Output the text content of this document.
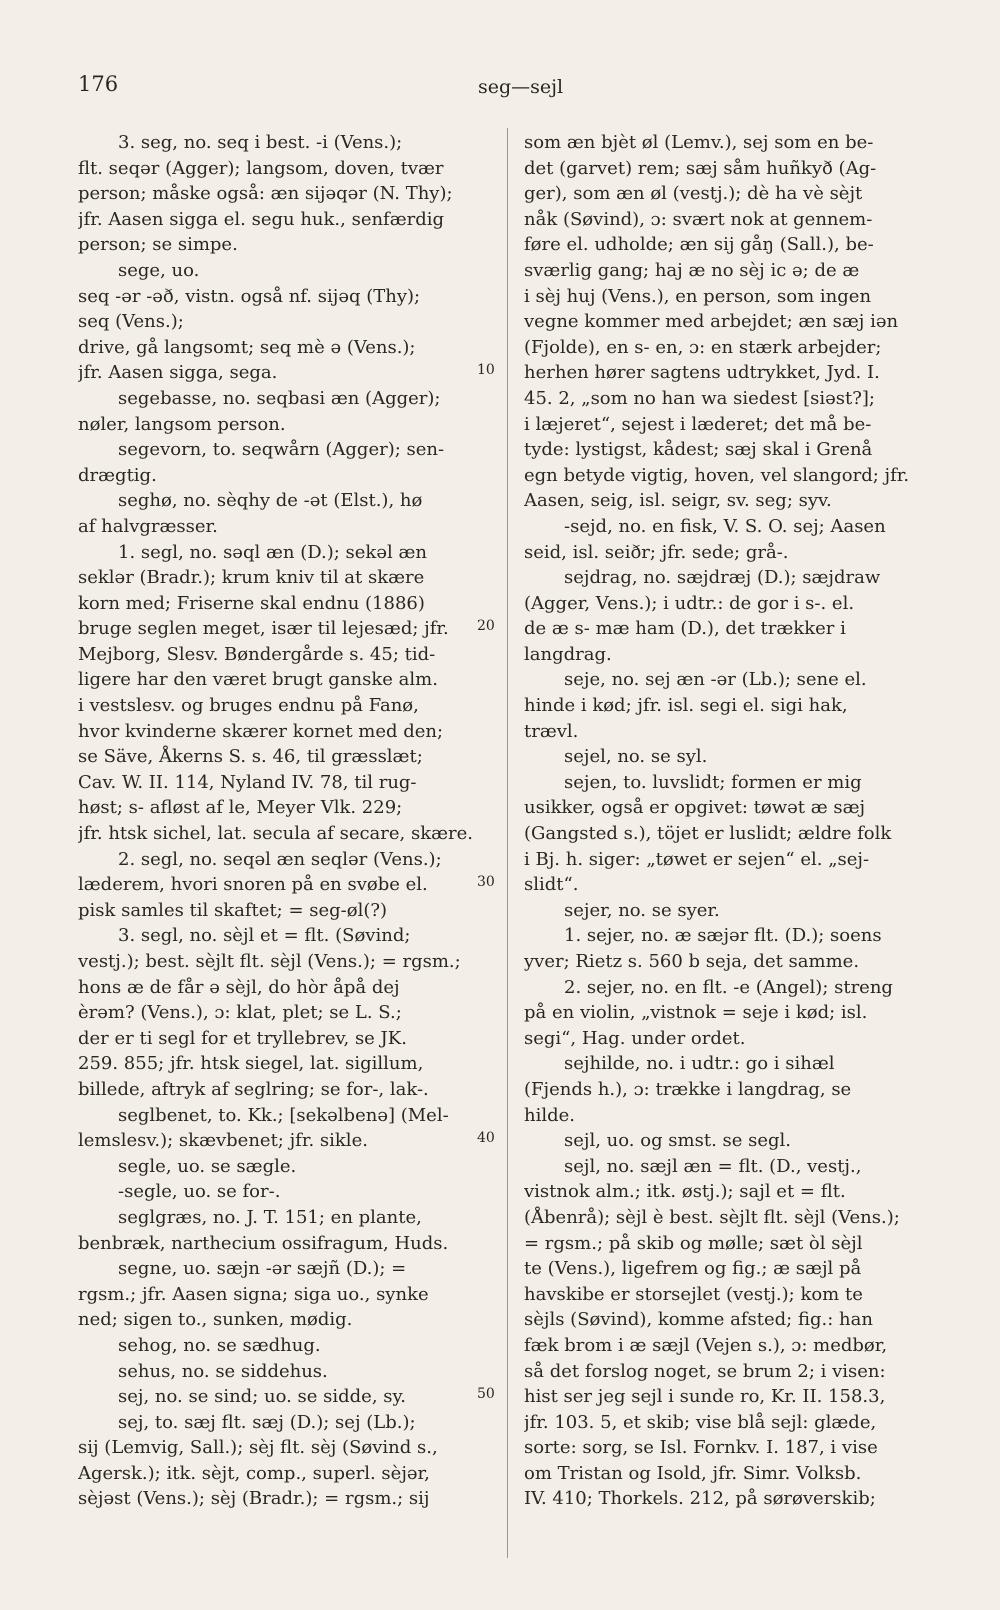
176	seg—sejl
3. seg, no. seq i best. -i (Vens.);
flt. seqər (Agger); langsom, doven, tvær
person; måske også: æn sijəqər (N. Thy);
jfr. Aasen sigga el. segu huk., senfærdig
person; se simpe.
sege, uo.
seq -ər -əð, vistn. også nf. sijəq (Thy);
seq (Vens.);
drive, gå langsomt; seq mè ə (Vens.);
jfr. Aasen sigga, sega.
segebasse, no. seqbasi æn (Agger);
nøler, langsom person.
segevorn, to. seqwårn (Agger); sen-
drægtig.
seghø, no. sèqhy de -ət (Elst.), hø
af halvgræsser.
1. segl, no. səql æn (D.); sekəl æn
seklər (Bradr.); krum kniv til at skære
korn med; Friserne skal endnu (1886)
bruge seglen meget, især til lejesæd; jfr.
Mejborg, Slesv. Bøndergårde s. 45; tid-
ligere har den været brugt ganske alm.
i vestslesv. og bruges endnu på Fanø,
hvor kvinderne skærer kornet med den;
se Säve, Åkerns S. s. 46, til græsslæt;
Cav. W. II. 114, Nyland IV. 78, til rug-
høst; s- afløst af le, Meyer Vlk. 229;
jfr. htsk sichel, lat. secula af secare, skære.
2. segl, no. seqəl æn seqlər (Vens.);
læderem, hvori snoren på en svøbe el.
pisk samles til skaftet; = seg-øl(?)
3. segl, no. sèjl et = flt. (Søvind;
vestj.); best. sèjlt flt. sèjl (Vens.); = rgsm.;
hons æ de får ə sèjl, do hòr åpå dej
èrəm? (Vens.), ɔ: klat, plet; se L. S.;
der er ti segl for et tryllebrev, se JK.
259. 855; jfr. htsk siegel, lat. sigillum,
billede, aftryk af seglring; se for-, lak-.
seglbenet, to. Kk.; [sekəlbenə] (Mel-
lemslesv.); skævbenet; jfr. sikle.
segle, uo. se sægle.
-segle, uo. se for-.
seglgræs, no. J. T. 151; en plante,
benbræk, narthecium ossifragum, Huds.
segne, uo. sæjn -ər sæjñ (D.); =
rgsm.; jfr. Aasen signa; siga uo., synke
ned; sigen to., sunken, mødig.
sehog, no. se sædhug.
sehus, no. se siddehus.
sej, no. se sind; uo. se sidde, sy.
sej, to. sæj flt. sæj (D.); sej (Lb.);
sij (Lemvig, Sall.); sèj flt. sèj (Søvind s.,
Agersk.); itk. sèjt, comp., superl. sèjər,
sèjəst (Vens.); sèj (Bradr.); = rgsm.; sij
som æn bjèt øl (Lemv.), sej som en be-
det (garvet) rem; sæj såm huñkyð (Ag-
ger), som æn øl (vestj.); dè ha vè sèjt
nåk (Søvind), ɔ: svært nok at gennem-
føre el. udholde; æn sij gåŋ (Sall.), be-
sværlig gang; haj æ no sèj ic ə; de æ
i sèj huj (Vens.), en person, som ingen
vegne kommer med arbejdet; æn sæj iən
(Fjolde), en s- en, ɔ: en stærk arbejder;
herhen hører sagtens udtrykket, Jyd. I.
45. 2, „som no han wa siedest [siəst?];
i læjeret“, sejest i læderet; det må be-
tyde: lystigst, kådest; sæj skal i Grenå
egn betyde vigtig, hoven, vel slangord; jfr.
Aasen, seig, isl. seigr, sv. seg; syv.
-sejd, no. en fisk, V. S. O. sej; Aasen
seid, isl. seiðr; jfr. sede; grå-.
sejdrag, no. sæjdræj (D.); sæjdraw
(Agger, Vens.); i udtr.: de gor i s-. el.
de æ s- mæ ham (D.), det trækker i
langdrag.
seje, no. sej æn -ər (Lb.); sene el.
hinde i kød; jfr. isl. segi el. sigi hak,
trævl.
sejel, no. se syl.
sejen, to. luvslidt; formen er mig
usikker, også er opgivet: tøwət æ sæj
(Gangsted s.), töjet er luslidt; ældre folk
i Bj. h. siger: „tøwet er sejen“ el. „sej-
slidt“.
sejer, no. se syer.
1. sejer, no. æ sæjər flt. (D.); soens
yver; Rietz s. 560 b seja, det samme.
2. sejer, no. en flt. -e (Angel); streng
på en violin, „vistnok = seje i kød; isl.
segi“, Hag. under ordet.
sejhilde, no. i udtr.: go i sihæl
(Fjends h.), ɔ: trække i langdrag, se
hilde.
sejl, uo. og smst. se segl.
sejl, no. sæjl æn = flt. (D., vestj.,
vistnok alm.; itk. østj.); sajl et = flt.
(Åbenrå); sèjl è best. sèjlt flt. sèjl (Vens.);
= rgsm.; på skib og mølle; sæt òl sèjl
te (Vens.), ligefrem og fig.; æ sæjl på
havskibe er storsejlet (vestj.); kom te
sèjls (Søvind), komme afsted; fig.: han
fæk brom i æ sæjl (Vejen s.), ɔ: medbør,
så det forslog noget, se brum 2; i visen:
hist ser jeg sejl i sunde ro, Kr. II. 158.3,
jfr. 103. 5, et skib; vise blå sejl: glæde,
sorte: sorg, se Isl. Fornkv. I. 187, i vise
om Tristan og Isold, jfr. Simr. Volksb.
IV. 410; Thorkels. 212, på sørøverskib;
10
20
30
40
50
